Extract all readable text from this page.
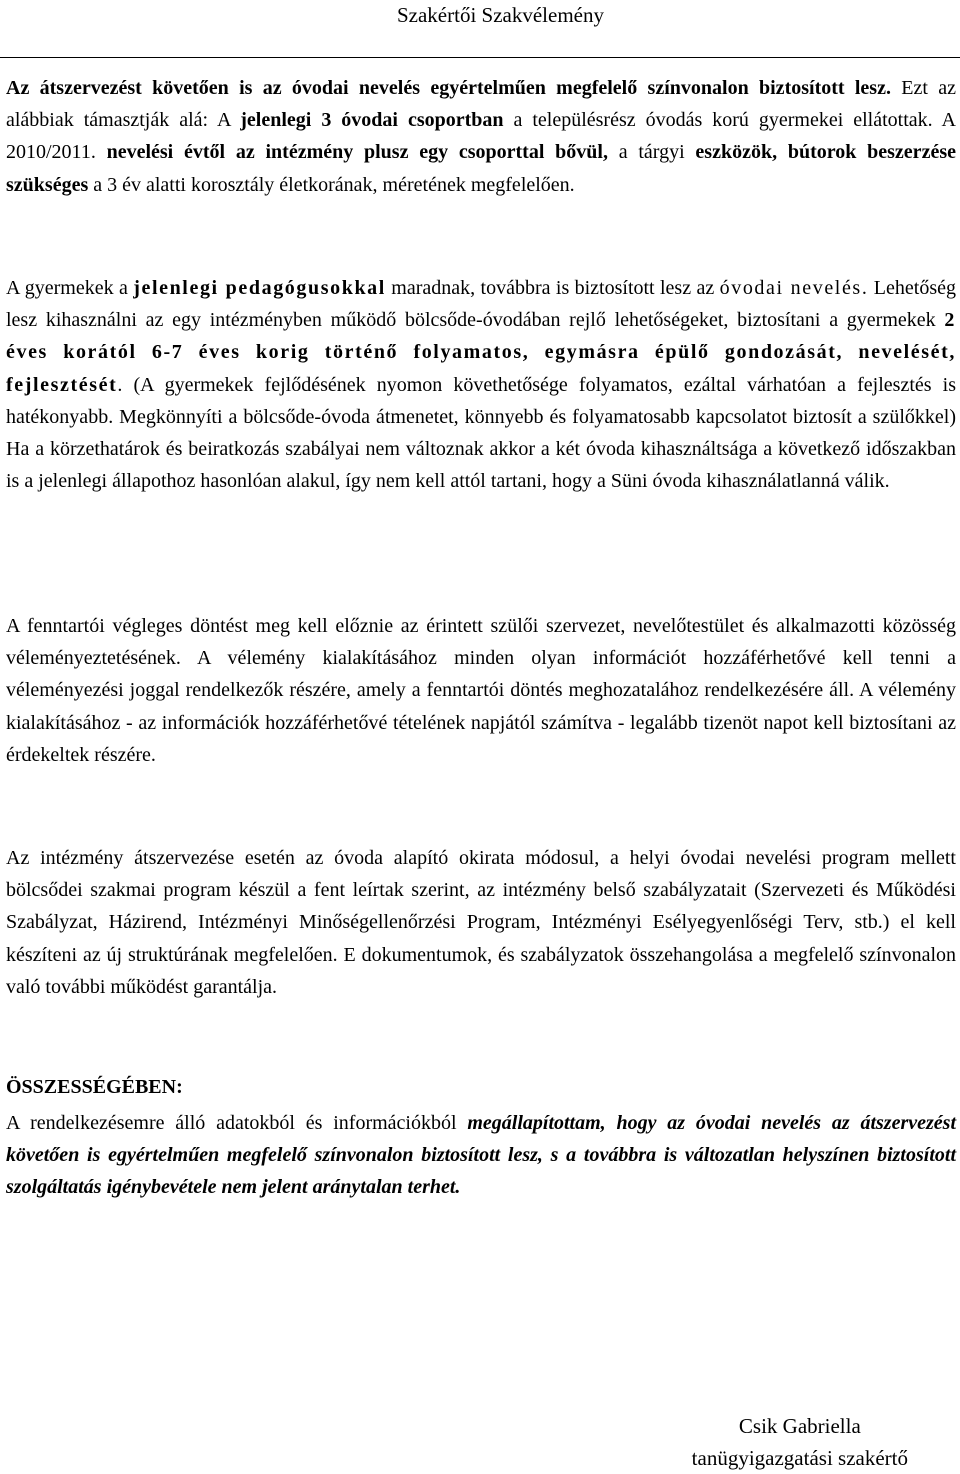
Szakértői Szakvélemény
Az átszervezést követően is az óvodai nevelés egyértelműen megfelelő színvonalon biztosított lesz. Ezt az alábbiak támasztják alá: A jelenlegi 3 óvodai csoportban a településrész óvodás korú gyermekei ellátottak. A 2010/2011. nevelési évtől az intézmény plusz egy csoporttal bővül, a tárgyi eszközök, bútorok beszerzése szükséges a 3 év alatti korosztály életkorának, méretének megfelelően.
A gyermekek a jelenlegi pedagógusokkal maradnak, továbbra is biztosított lesz az óvodai nevelés. Lehetőség lesz kihasználni az egy intézményben működő bölcsőde-óvodában rejlő lehetőségeket, biztosítani a gyermekek 2 éves korától 6-7 éves korig történő folyamatos, egymásra épülő gondozását, nevelését, fejlesztését. (A gyermekek fejlődésének nyomon követhetősége folyamatos, ezáltal várhatóan a fejlesztés is hatékonyabb. Megkönnyíti a bölcsőde-óvoda átmenetet, könnyebb és folyamatosabb kapcsolatot biztosít a szülőkkel) Ha a körzethatárok és beiratkozás szabályai nem változnak akkor a két óvoda kihasználtsága a következő időszakban is a jelenlegi állapothoz hasonlóan alakul, így nem kell attól tartani, hogy a Süni óvoda kihasználatlanná válik.
A fenntartói végleges döntést meg kell előznie az érintett szülői szervezet, nevelőtestület és alkalmazotti közösség véleményeztetésének. A vélemény kialakításához minden olyan információt hozzáférhetővé kell tenni a véleményezési joggal rendelkezők részére, amely a fenntartói döntés meghozatalához rendelkezésére áll. A vélemény kialakításához - az információk hozzáférhetővé tételének napjától számítva - legalább tizenöt napot kell biztosítani az érdekeltek részére.
Az intézmény átszervezése esetén az óvoda alapító okirata módosul, a helyi óvodai nevelési program mellett bölcsődei szakmai program készül a fent leírtak szerint, az intézmény belső szabályzatait (Szervezeti és Működési Szabályzat, Házirend, Intézményi Minőségellenőrzési Program, Intézményi Esélyegyenlőségi Terv, stb.) el kell készíteni az új struktúrának megfelelően. E dokumentumok, és szabályzatok összehangolása a megfelelő színvonalon való további működést garantálja.
ÖSSZESSÉGÉBEN:
A rendelkezésemre álló adatokból és információkból megállapítottam, hogy az óvodai nevelés az átszervezést követően is egyértelműen megfelelő színvonalon biztosított lesz, s a továbbra is változatlan helyszínen biztosított szolgáltatás igénybevétele nem jelent aránytalan terhet.
Csik Gabriella
tanügyigazgatási szakértő
